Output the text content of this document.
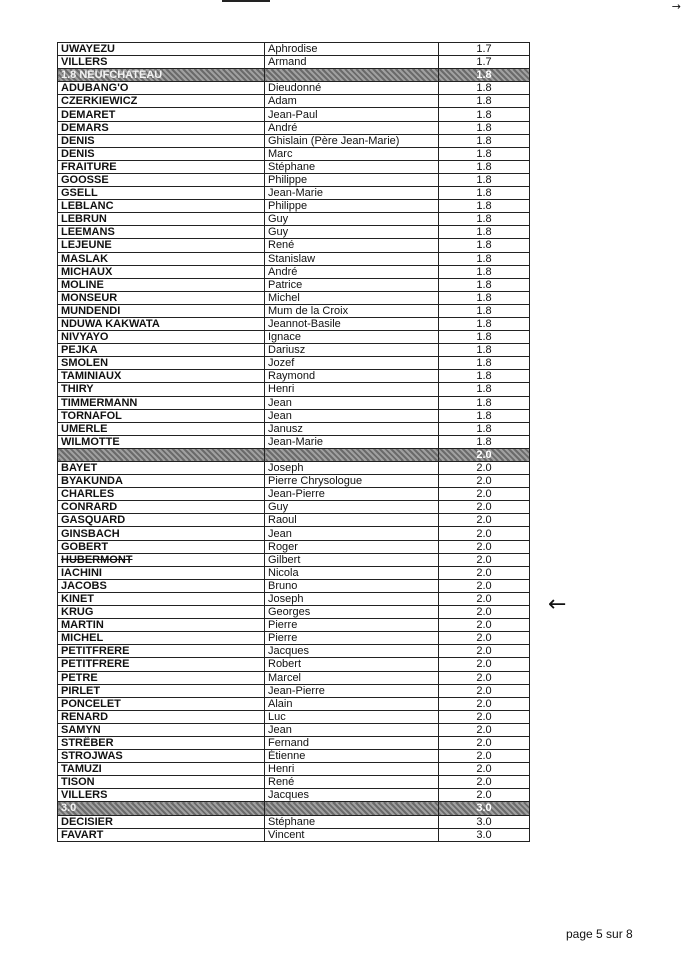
→
UWAYEZU	Aphrodise	1.7
VILLERS	Armand	1.7
1.8 NEUFCHATEAU		1.8
ADUBANG'O	Dieudonné	1.8
CZERKIEWICZ	Adam	1.8
DEMARET	Jean-Paul	1.8
DEMARS	André	1.8
DENIS	Ghislain (Père Jean-Marie)	1.8
DENIS	Marc	1.8
FRAITURE	Stéphane	1.8
GOOSSE	Philippe	1.8
GSELL	Jean-Marie	1.8
LEBLANC	Philippe	1.8
LEBRUN	Guy	1.8
LEEMANS	Guy	1.8
LEJEUNE	René	1.8
MASLAK	Stanislaw	1.8
MICHAUX	André	1.8
MOLINE	Patrice	1.8
MONSEUR	Michel	1.8
MUNDENDI	Mum de la Croix	1.8
NDUWA KAKWATA	Jeannot-Basile	1.8
NIVYAYO	Ignace	1.8
PEJKA	Dariusz	1.8
SMOLEN	Jozef	1.8
TAMINIAUX	Raymond	1.8
THIRY	Henri	1.8
TIMMERMANN	Jean	1.8
TORNAFOL	Jean	1.8
UMERLE	Janusz	1.8
WILMOTTE	Jean-Marie	1.8
		2.0
BAYET	Joseph	2.0
BYAKUNDA	Pierre Chrysologue	2.0
CHARLES	Jean-Pierre	2.0
CONRARD	Guy	2.0
GASQUARD	Raoul	2.0
GINSBACH	Jean	2.0
GOBERT	Roger	2.0
HUBERMONT	Gilbert	2.0
IACHINI	Nicola	2.0
JACOBS	Bruno	2.0
KINET	Joseph	2.0
KRUG	Georges	2.0
MARTIN	Pierre	2.0
MICHEL	Pierre	2.0
PETITFRERE	Jacques	2.0
PETITFRERE	Robert	2.0
PETRE	Marcel	2.0
PIRLET	Jean-Pierre	2.0
PONCELET	Alain	2.0
RENARD	Luc	2.0
SAMYN	Jean	2.0
STRÊBER	Fernand	2.0
STROJWAS	Étienne	2.0
TAMUZI	Henri	2.0
TISON	René	2.0
VILLERS	Jacques	2.0
3.0		3.0
DECISIER	Stéphane	3.0
FAVART	Vincent	3.0
←
page 5 sur 8
